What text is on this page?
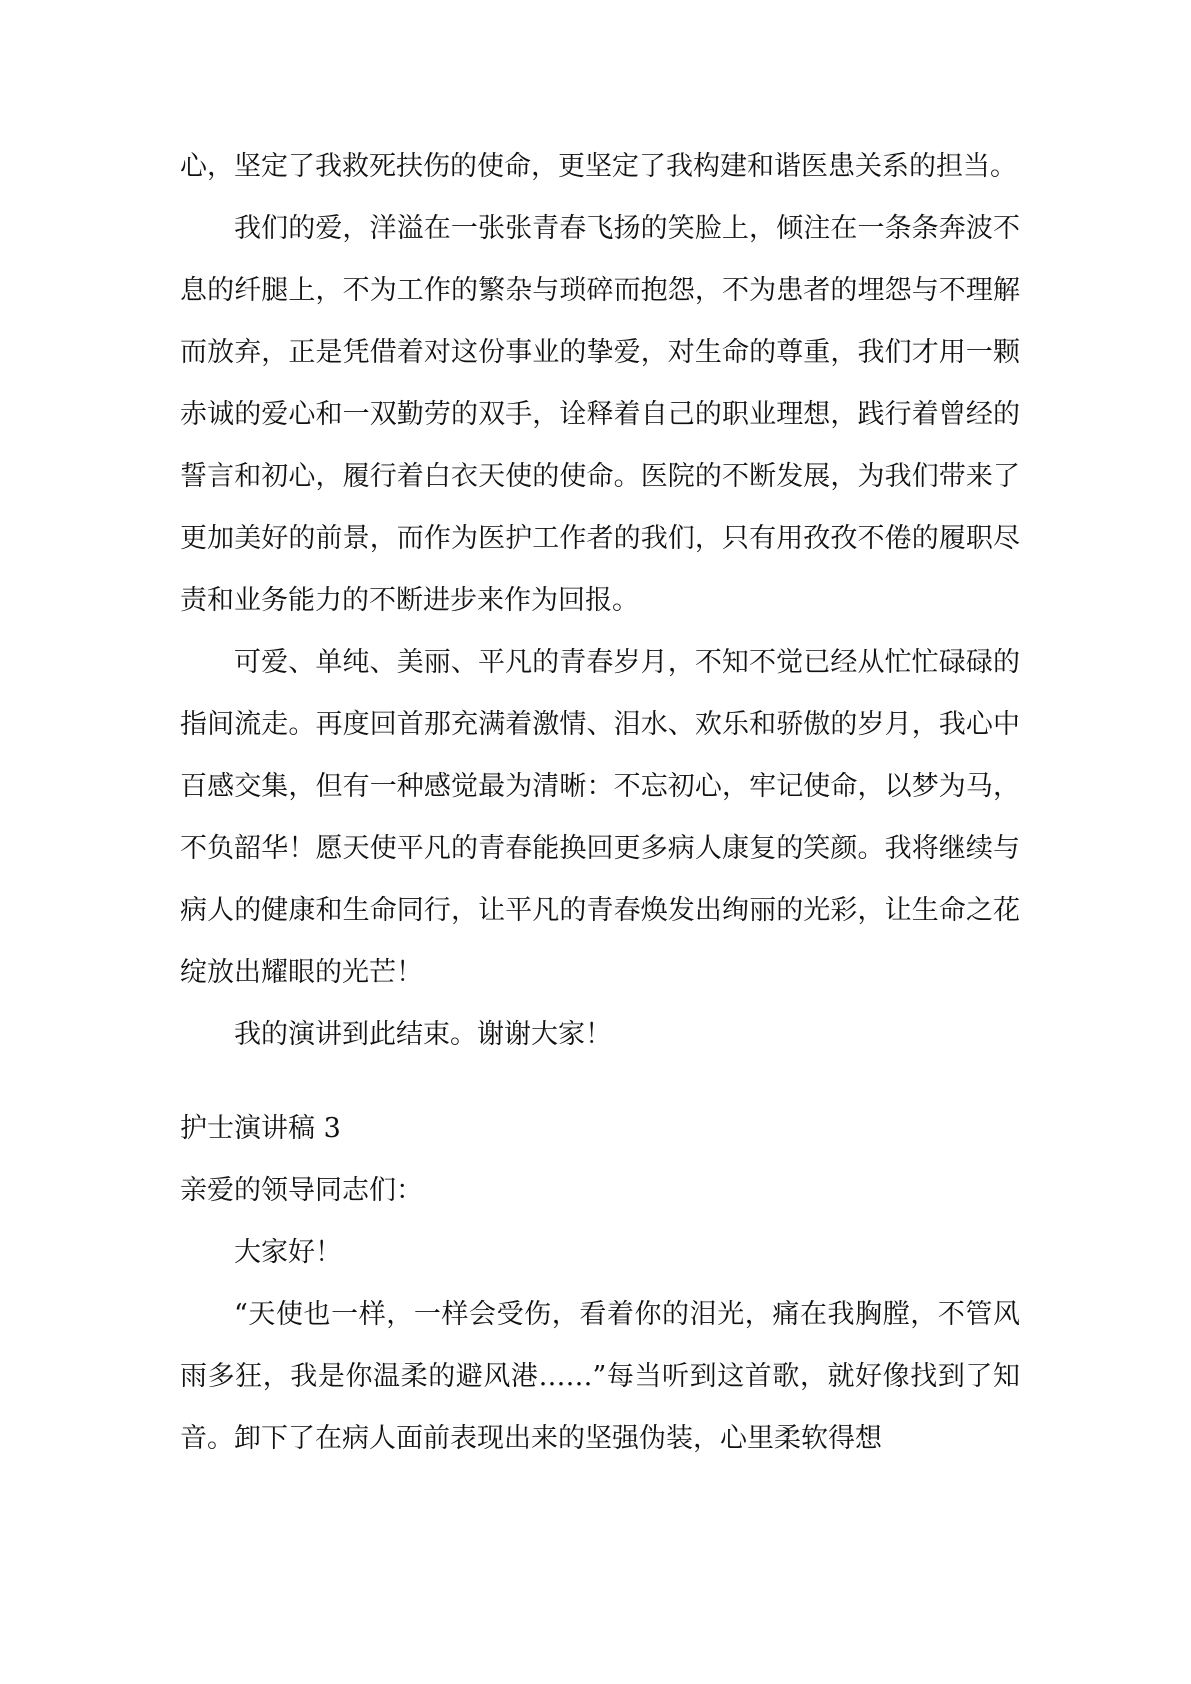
心，坚定了我救死扶伤的使命，更坚定了我构建和谐医患关系的担当。

我们的爱，洋溢在一张张青春飞扬的笑脸上，倾注在一条条奔波不息的纤腿上，不为工作的繁杂与琐碎而抱怨，不为患者的埋怨与不理解而放弃，正是凭借着对这份事业的挚爱，对生命的尊重，我们才用一颗赤诚的爱心和一双勤劳的双手，诠释着自己的职业理想，践行着曾经的誓言和初心，履行着白衣天使的使命。医院的不断发展，为我们带来了更加美好的前景，而作为医护工作者的我们，只有用孜孜不倦的履职尽责和业务能力的不断进步来作为回报。

可爱、单纯、美丽、平凡的青春岁月，不知不觉已经从忙忙碌碌的指间流走。再度回首那充满着激情、泪水、欢乐和骄傲的岁月，我心中百感交集，但有一种感觉最为清晰：不忘初心，牢记使命，以梦为马，不负韶华！愿天使平凡的青春能换回更多病人康复的笑颜。我将继续与病人的健康和生命同行，让平凡的青春焕发出绚丽的光彩，让生命之花绽放出耀眼的光芒！

我的演讲到此结束。谢谢大家！

护士演讲稿 3

亲爱的领导同志们：

大家好！

“天使也一样，一样会受伤，看着你的泪光，痛在我胸膛，不管风雨多狂，我是你温柔的避风港……”每当听到这首歌，就好像找到了知音。卸下了在病人面前表现出来的坚强伪装，心里柔软得想
